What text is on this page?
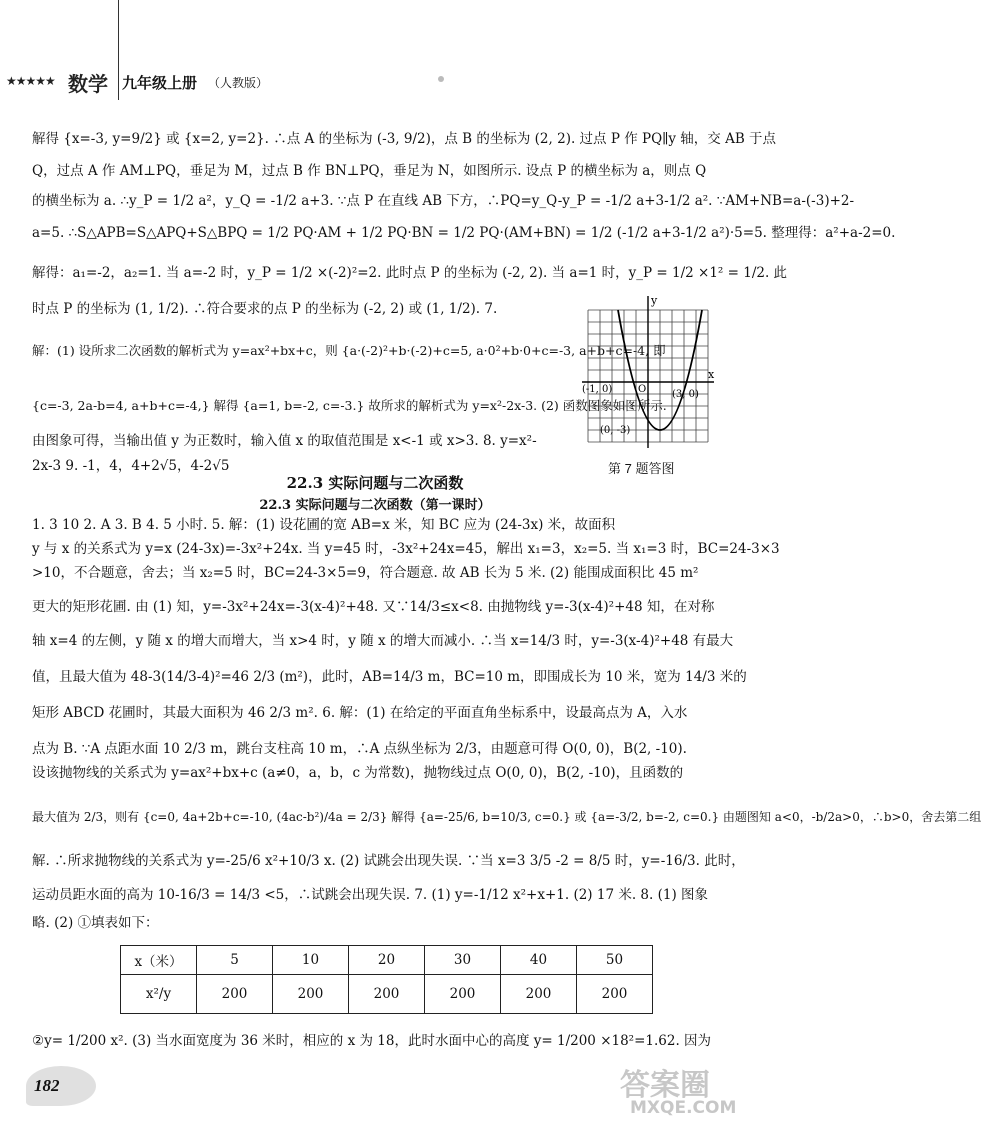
★★★★★ 数学 九年级上册 （人教版）
解得 {x=-3, y=9/2} 或 {x=2, y=2}. ∴点 A 的坐标为 (-3, 9/2)，点 B 的坐标为 (2, 2). 过点 P 作 PQ∥y 轴，交 AB 于点
Q，过点 A 作 AM⊥PQ，垂足为 M，过点 B 作 BN⊥PQ，垂足为 N，如图所示. 设点 P 的横坐标为 a，则点 Q
的横坐标为 a. ∴y_P = 1/2 a²，y_Q = -1/2 a+3. ∵点 P 在直线 AB 下方，∴PQ=y_Q-y_P = -1/2 a+3-1/2 a². ∵AM+NB=a-(-3)+2-
a=5. ∴S△APB=S△APQ+S△BPQ = 1/2 PQ·AM + 1/2 PQ·BN = 1/2 PQ·(AM+BN) = 1/2 (-1/2 a+3-1/2 a²)·5=5. 整理得：a²+a-2=0.
解得：a₁=-2，a₂=1. 当 a=-2 时，y_P = 1/2 ×(-2)²=2. 此时点 P 的坐标为 (-2, 2). 当 a=1 时，y_P = 1/2 ×1² = 1/2. 此
时点 P 的坐标为 (1, 1/2). ∴符合要求的点 P 的坐标为 (-2, 2) 或 (1, 1/2). 7.
解：(1) 设所求二次函数的解析式为 y=ax²+bx+c，则 {a·(-2)²+b·(-2)+c=5, a·0²+b·0+c=-3, a+b+c=-4, 即
{c=-3, 2a-b=4, a+b+c=-4,} 解得 {a=1, b=-2, c=-3.} 故所求的解析式为 y=x²-2x-3. (2) 函数图象如图所示.
由图象可得，当输出值 y 为正数时，输入值 x 的取值范围是 x<-1 或 x>3. 8. y=x²-
2x-3 9. -1，4，4+2√5，4-2√5
y
x
O
(-1, 0)	(3, 0)
(0, -3)
第 7 题答图
22.3 实际问题与二次函数
22.3 实际问题与二次函数（第一课时）
1. 3 10 2. A 3. B 4. 5 小时. 5. 解：(1) 设花圃的宽 AB=x 米，知 BC 应为 (24-3x) 米，故面积
y 与 x 的关系式为 y=x (24-3x)=-3x²+24x. 当 y=45 时，-3x²+24x=45，解出 x₁=3，x₂=5. 当 x₁=3 时，BC=24-3×3
>10，不合题意，舍去；当 x₂=5 时，BC=24-3×5=9，符合题意. 故 AB 长为 5 米. (2) 能围成面积比 45 m²
更大的矩形花圃. 由 (1) 知，y=-3x²+24x=-3(x-4)²+48. 又∵14/3≤x<8. 由抛物线 y=-3(x-4)²+48 知，在对称
轴 x=4 的左侧，y 随 x 的增大而增大，当 x>4 时，y 随 x 的增大而减小. ∴当 x=14/3 时，y=-3(x-4)²+48 有最大
值，且最大值为 48-3(14/3-4)²=46 2/3 (m²)，此时，AB=14/3 m，BC=10 m，即围成长为 10 米，宽为 14/3 米的
矩形 ABCD 花圃时，其最大面积为 46 2/3 m². 6. 解：(1) 在给定的平面直角坐标系中，设最高点为 A，入水
点为 B. ∵A 点距水面 10 2/3 m，跳台支柱高 10 m，∴A 点纵坐标为 2/3，由题意可得 O(0, 0)，B(2, -10).
设该抛物线的关系式为 y=ax²+bx+c (a≠0，a，b，c 为常数)，抛物线过点 O(0, 0)，B(2, -10)，且函数的
最大值为 2/3，则有 {c=0, 4a+2b+c=-10, (4ac-b²)/4a = 2/3} 解得 {a=-25/6, b=10/3, c=0.} 或 {a=-3/2, b=-2, c=0.} 由题图知 a<0，-b/2a>0，∴b>0，舍去第二组
解. ∴所求抛物线的关系式为 y=-25/6 x²+10/3 x. (2) 试跳会出现失误. ∵当 x=3 3/5 -2 = 8/5 时，y=-16/3. 此时，
运动员距水面的高为 10-16/3 = 14/3 <5，∴试跳会出现失误. 7. (1) y=-1/12 x²+x+1. (2) 17 米. 8. (1) 图象
略. (2) ①填表如下：
x（米）	5	10	20	30	40	50
x²/y	200	200	200	200	200	200
②y= 1/200 x². (3) 当水面宽度为 36 米时，相应的 x 为 18，此时水面中心的高度 y= 1/200 ×18²=1.62. 因为
182	答案圈
MXQE.COM
